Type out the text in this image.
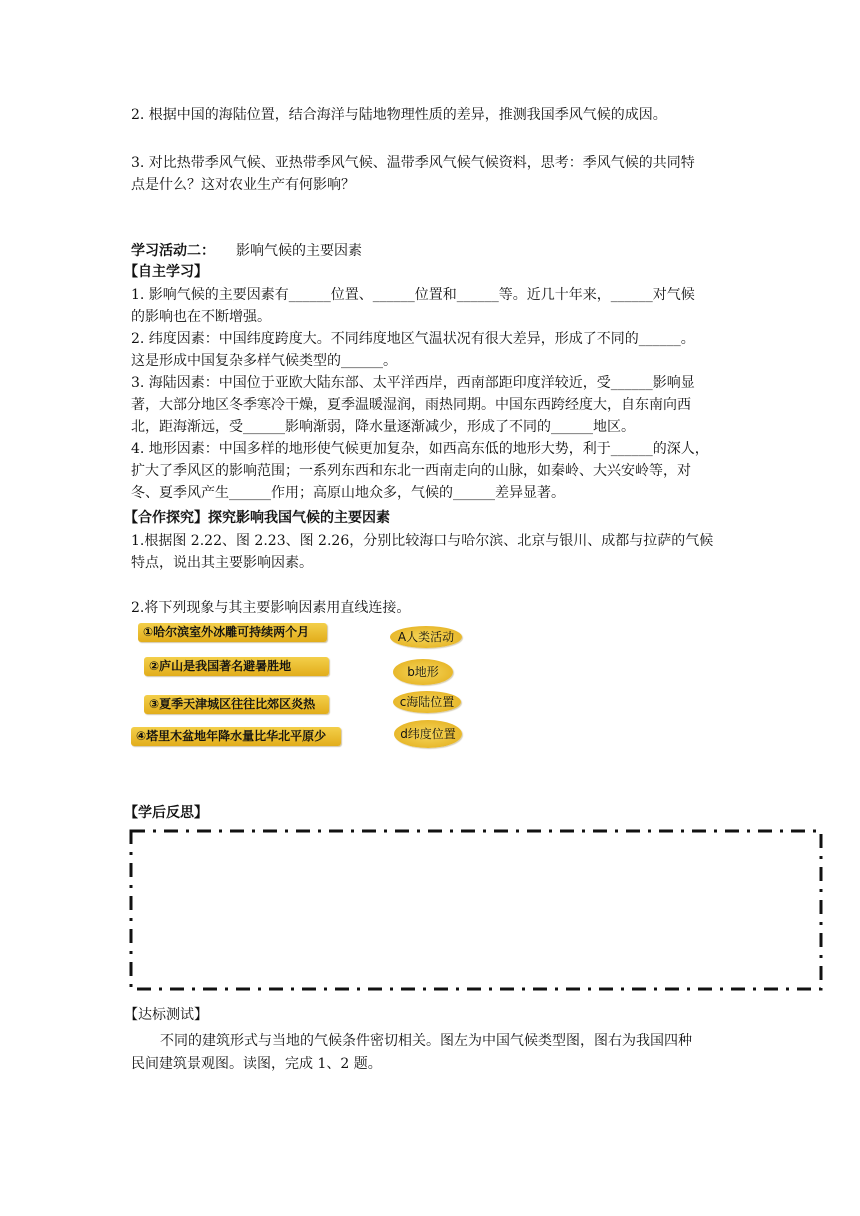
2. 根据中国的海陆位置，结合海洋与陆地物理性质的差异，推测我国季风气候的成因。
3. 对比热带季风气候、亚热带季风气候、温带季风气候气候资料，思考：季风气候的共同特
点是什么？这对农业生产有何影响？
学习活动二： 影响气候的主要因素
【自主学习】
1. 影响气候的主要因素有______位置、______位置和______等。近几十年来，______对气候
的影响也在不断增强。
2. 纬度因素：中国纬度跨度大。不同纬度地区气温状况有很大差异，形成了不同的______。
这是形成中国复杂多样气候类型的______。
3. 海陆因素：中国位于亚欧大陆东部、太平洋西岸，西南部距印度洋较近，受______影响显
著，大部分地区冬季寒冷干燥，夏季温暖湿润，雨热同期。中国东西跨经度大，自东南向西
北，距海渐远，受______影响渐弱，降水量逐渐减少，形成了不同的______地区。
4. 地形因素：中国多样的地形使气候更加复杂，如西高东低的地形大势，利于______的深人，
扩大了季风区的影响范围；一系列东西和东北一西南走向的山脉，如秦岭、大兴安岭等，对
冬、夏季风产生______作用；高原山地众多，气候的______差异显著。
【合作探究】探究影响我国气候的主要因素
1.根据图 2.22、图 2.23、图 2.26，分别比较海口与哈尔滨、北京与银川、成都与拉萨的气候
特点，说出其主要影响因素。
2.将下列现象与其主要影响因素用直线连接。
①哈尔滨室外冰雕可持续两个月
②庐山是我国著名避暑胜地
③夏季天津城区往往比郊区炎热
④塔里木盆地年降水量比华北平原少
A人类活动
b地形
c海陆位置
d纬度位置
【学后反思】
【达标测试】
不同的建筑形式与当地的气候条件密切相关。图左为中国气候类型图，图右为我国四种
民间建筑景观图。读图，完成 1、2 题。
